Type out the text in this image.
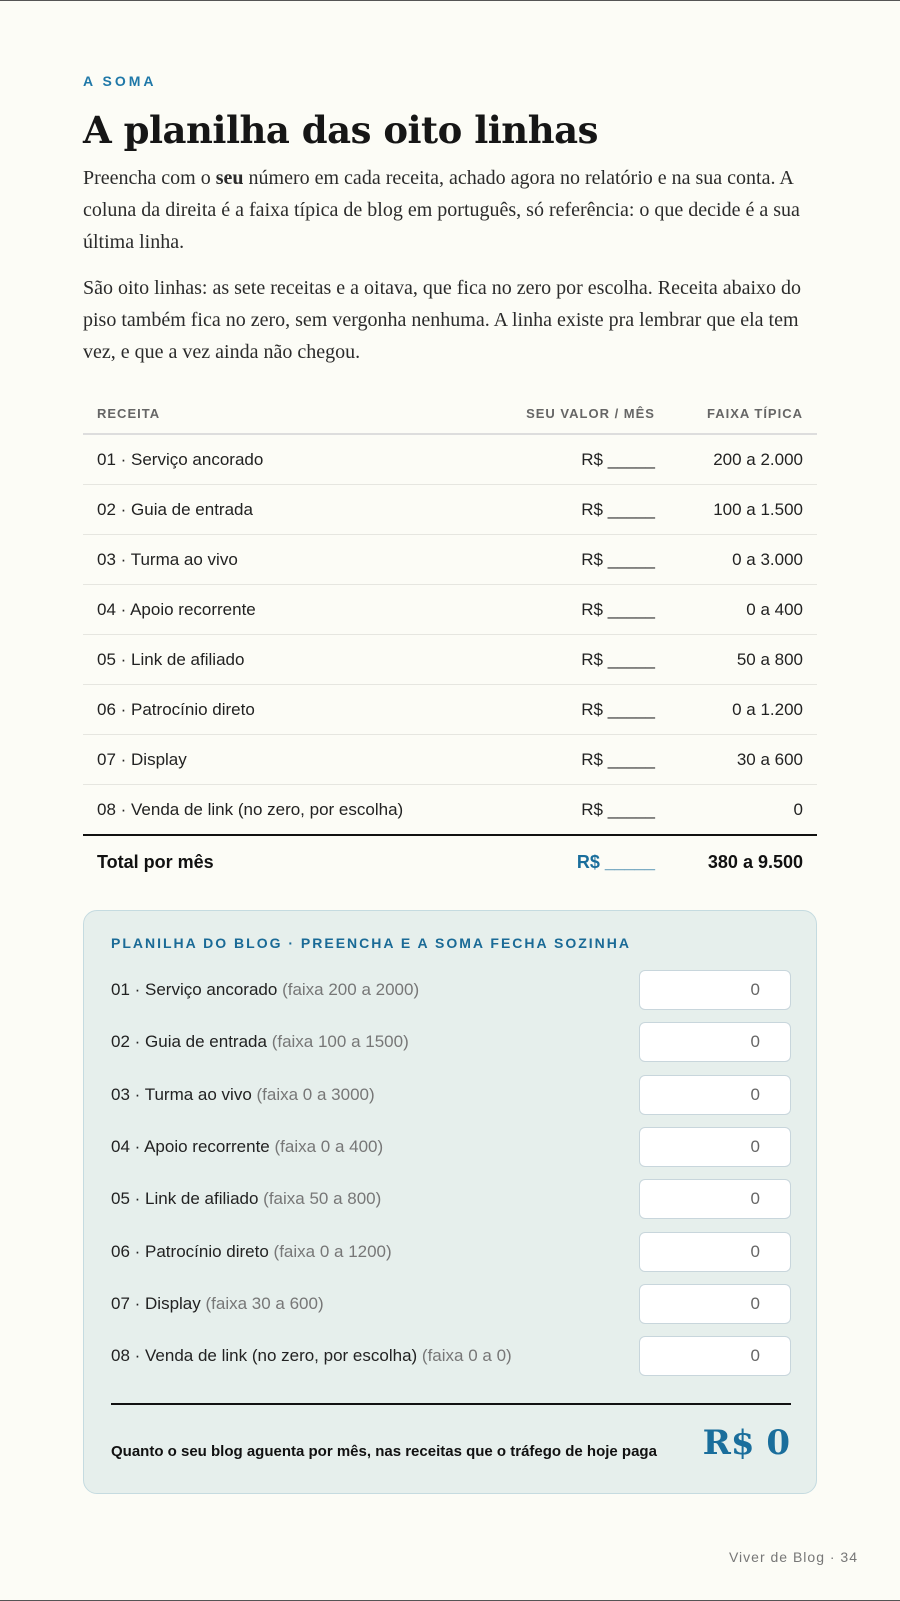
A SOMA
A planilha das oito linhas

Preencha com o seu número em cada receita, achado agora no relatório e na sua conta. A coluna da direita é a faixa típica de blog em português, só referência: o que decide é a sua última linha.

São oito linhas: as sete receitas e a oitava, que fica no zero por escolha. Receita abaixo do piso também fica no zero, sem vergonha nenhuma. A linha existe pra lembrar que ela tem vez, e que a vez ainda não chegou.

RECEITA	SEU VALOR / MÊS	FAIXA TÍPICA
01 · Serviço ancorado	R$ _____	200 a 2.000
02 · Guia de entrada	R$ _____	100 a 1.500
03 · Turma ao vivo	R$ _____	0 a 3.000
04 · Apoio recorrente	R$ _____	0 a 400
05 · Link de afiliado	R$ _____	50 a 800
06 · Patrocínio direto	R$ _____	0 a 1.200
07 · Display	R$ _____	30 a 600
08 · Venda de link (no zero, por escolha)	R$ _____	0
Total por mês	R$ _____	380 a 9.500
PLANILHA DO BLOG · PREENCHA E A SOMA FECHA SOZINHA
01 · Serviço ancorado (faixa 200 a 2000)
0
02 · Guia de entrada (faixa 100 a 1500)
0
03 · Turma ao vivo (faixa 0 a 3000)
0
04 · Apoio recorrente (faixa 0 a 400)
0
05 · Link de afiliado (faixa 50 a 800)
0
06 · Patrocínio direto (faixa 0 a 1200)
0
07 · Display (faixa 30 a 600)
0
08 · Venda de link (no zero, por escolha) (faixa 0 a 0)
0
Quanto o seu blog aguenta por mês, nas receitas que o tráfego de hoje paga R$ 0
Viver de Blog · 34
